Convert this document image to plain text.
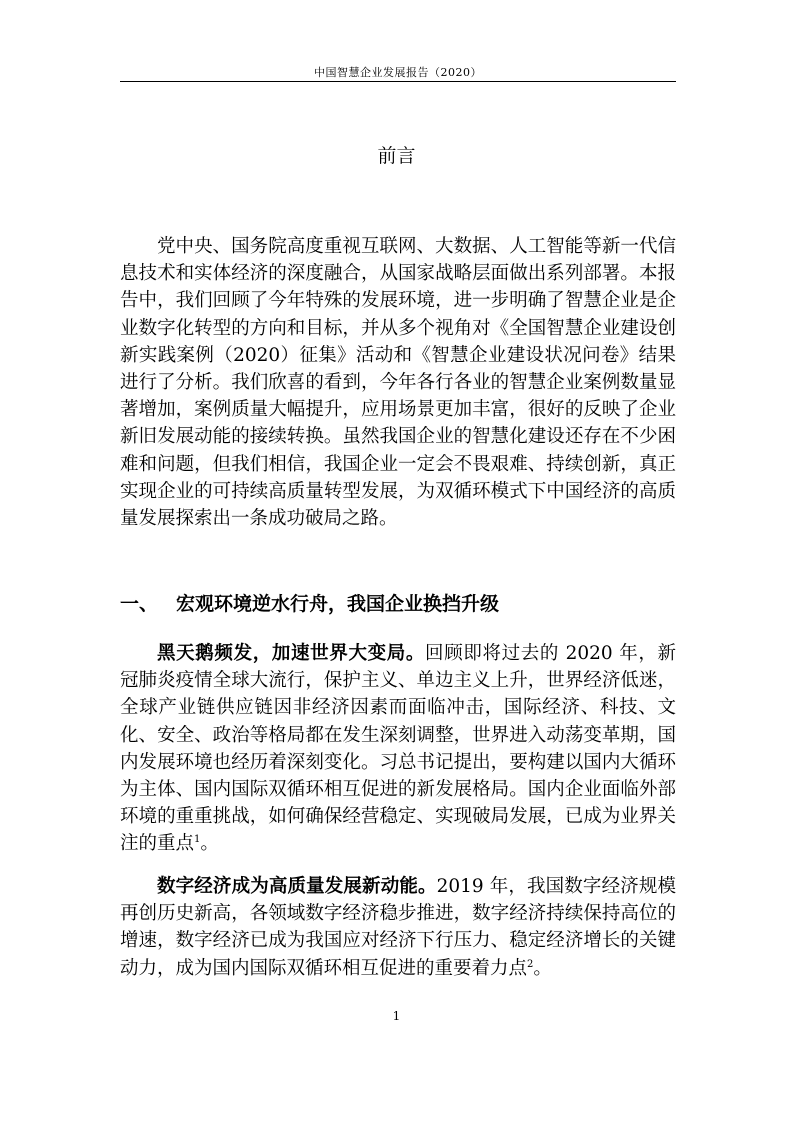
中国智慧企业发展报告（2020）
前言

党中央、国务院高度重视互联网、大数据、人工智能等新一代信息技术和实体经济的深度融合，从国家战略层面做出系列部署。本报告中，我们回顾了今年特殊的发展环境，进一步明确了智慧企业是企业数字化转型的方向和目标，并从多个视角对《全国智慧企业建设创新实践案例（2020）征集》活动和《智慧企业建设状况问卷》结果进行了分析。我们欣喜的看到，今年各行各业的智慧企业案例数量显著增加，案例质量大幅提升，应用场景更加丰富，很好的反映了企业新旧发展动能的接续转换。虽然我国企业的智慧化建设还存在不少困难和问题，但我们相信，我国企业一定会不畏艰难、持续创新，真正实现企业的可持续高质量转型发展，为双循环模式下中国经济的高质量发展探索出一条成功破局之路。

一、 宏观环境逆水行舟，我国企业换挡升级

黑天鹅频发，加速世界大变局。回顾即将过去的 2020 年，新冠肺炎疫情全球大流行，保护主义、单边主义上升，世界经济低迷，全球产业链供应链因非经济因素而面临冲击，国际经济、科技、文化、安全、政治等格局都在发生深刻调整，世界进入动荡变革期，国内发展环境也经历着深刻变化。习总书记提出，要构建以国内大循环为主体、国内国际双循环相互促进的新发展格局。国内企业面临外部环境的重重挑战，如何确保经营稳定、实现破局发展，已成为业界关注的重点$^1$。

数字经济成为高质量发展新动能。2019 年，我国数字经济规模再创历史新高，各领域数字经济稳步推进，数字经济持续保持高位的增速，数字经济已成为我国应对经济下行压力、稳定经济增长的关键动力，成为国内国际双循环相互促进的重要着力点$^2$。

1
